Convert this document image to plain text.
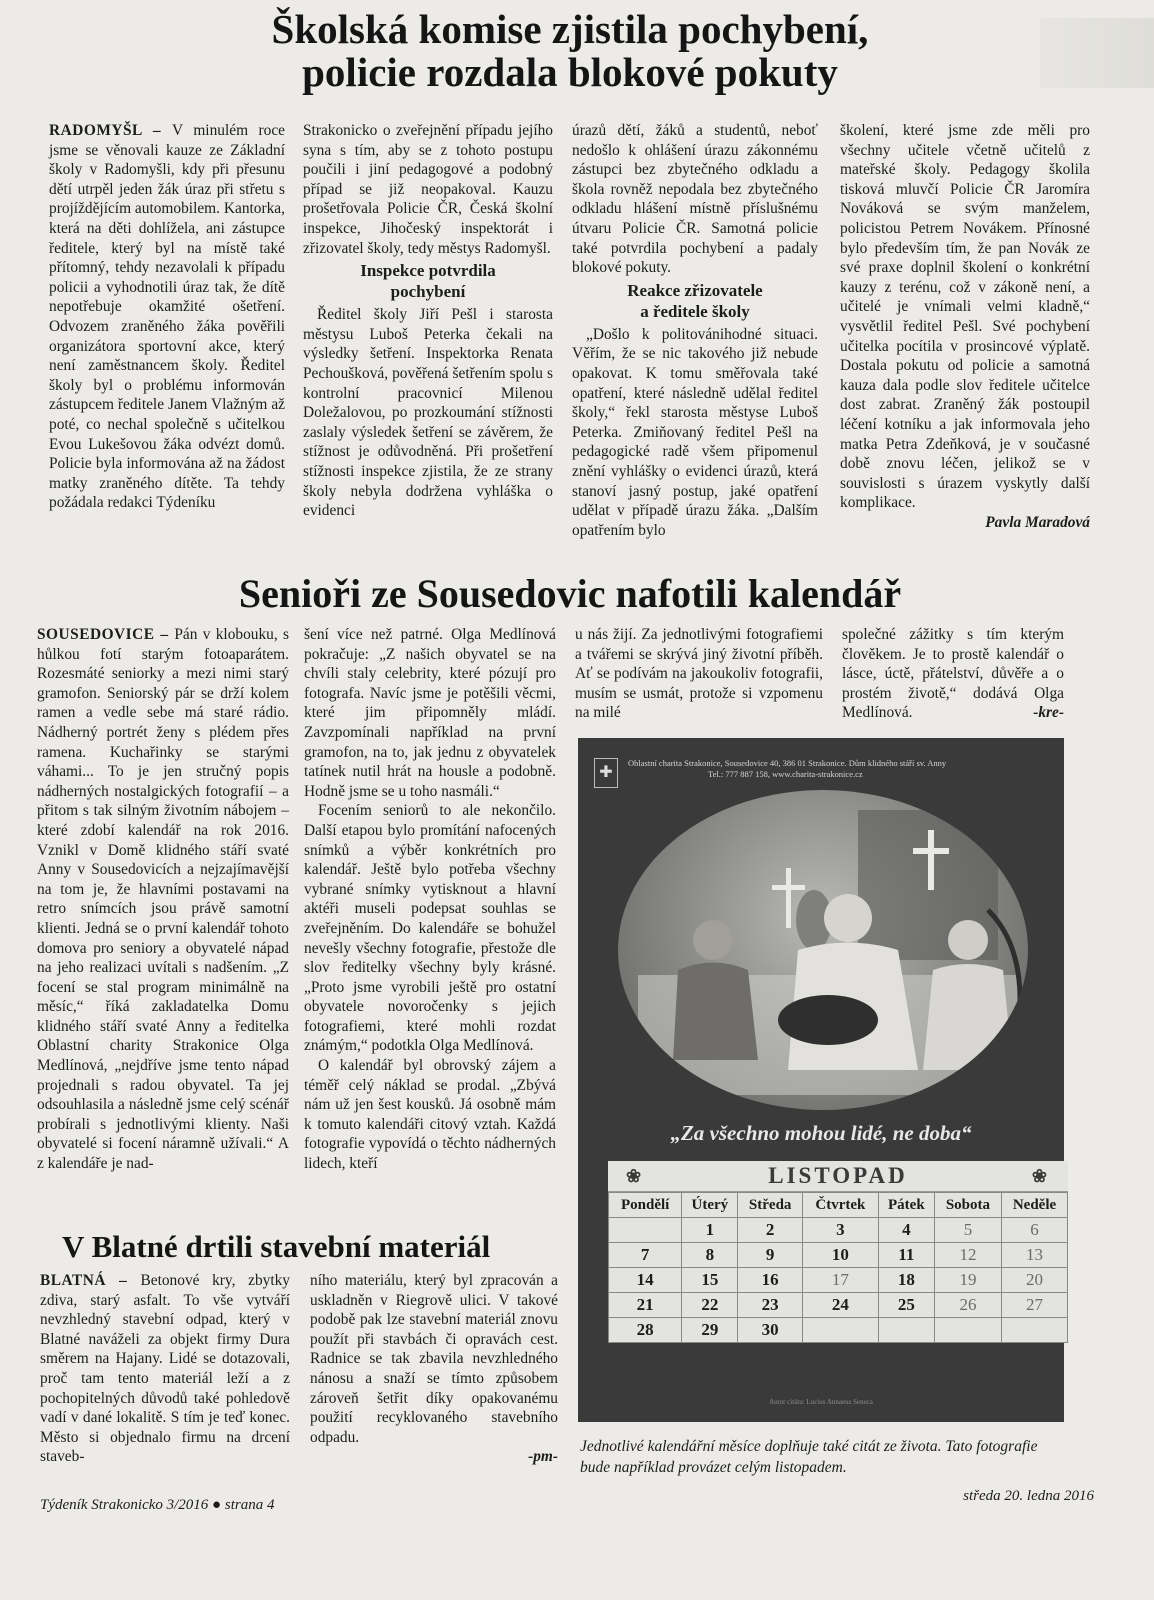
Školská komise zjistila pochybení,
policie rozdala blokové pokuty

RADOMYŠL – V minulém roce jsme se věnovali kauze ze Základní školy v Radomyšli, kdy při přesunu dětí utrpěl jeden žák úraz při střetu s projíždějícím automobilem. Kantorka, která na děti dohlížela, ani zástupce ředitele, který byl na místě také přítomný, tehdy nezavolali k případu policii a vyhodnotili úraz tak, že dítě nepotřebuje okamžité ošetření. Odvozem zraněného žáka pověřili organizátora sportovní akce, který není zaměstnancem školy. Ředitel školy byl o problému informován zástupcem ředitele Janem Vlažným až poté, co nechal společně s učitelkou Evou Lukešovou žáka odvézt domů. Policie byla informována až na žádost matky zraněného dítěte. Ta tehdy požádala redakci Týdeníku

Strakonicko o zveřejnění případu jejího syna s tím, aby se z tohoto postupu poučili i jiní pedagogové a podobný případ se již neopakoval. Kauzu prošetřovala Policie ČR, Česká školní inspekce, Jihočeský inspektorát i zřizovatel školy, tedy městys Radomyšl.

Inspekce potvrdila
pochybení

Ředitel školy Jiří Pešl i starosta městysu Luboš Peterka čekali na výsledky šetření. Inspektorka Renata Pechoušková, pověřená šetřením spolu s kontrolní pracovnicí Milenou Doležalovou, po prozkoumání stížnosti zaslaly výsledek šetření se závěrem, že stížnost je odůvodněná. Při prošetření stížnosti inspekce zjistila, že ze strany školy nebyla dodržena vyhláška o evidenci

úrazů dětí, žáků a studentů, neboť nedošlo k ohlášení úrazu zákonnému zástupci bez zbytečného odkladu a škola rovněž nepodala bez zbytečného odkladu hlášení místně příslušnému útvaru Policie ČR. Samotná policie také potvrdila pochybení a padaly blokové pokuty.

Reakce zřizovatele
a ředitele školy

„Došlo k politovánihodné situaci. Věřím, že se nic takového již nebude opakovat. K tomu směřovala také opatření, které následně udělal ředitel školy,“ řekl starosta městyse Luboš Peterka. Zmiňovaný ředitel Pešl na pedagogické radě všem připomenul znění vyhlášky o evidenci úrazů, která stanoví jasný postup, jaké opatření udělat v případě úrazu žáka. „Dalším opatřením bylo

školení, které jsme zde měli pro všechny učitele včetně učitelů z mateřské školy. Pedagogy školila tisková mluvčí Policie ČR Jaromíra Nováková se svým manželem, policistou Petrem Novákem. Přínosné bylo především tím, že pan Novák ze své praxe doplnil školení o konkrétní kauzy z terénu, což v zákoně není, a učitelé je vnímali velmi kladně,“ vysvětlil ředitel Pešl. Své pochybení učitelka pocítila v prosincové výplatě. Dostala pokutu od policie a samotná kauza dala podle slov ředitele učitelce dost zabrat. Zraněný žák postoupil léčení kotníku a jak informovala jeho matka Petra Zdeňková, je v současné době znovu léčen, jelikož se v souvislosti s úrazem vyskytly další komplikace.

Pavla Maradová

Senioři ze Sousedovic nafotili kalendář

SOUSEDOVICE – Pán v klobouku, s hůlkou fotí starým fotoaparátem. Rozesmáté seniorky a mezi nimi starý gramofon. Seniorský pár se drží kolem ramen a vedle sebe má staré rádio. Nádherný portrét ženy s plédem přes ramena. Kuchařinky se starými váhami... To je jen stručný popis nádherných nostalgických fotografií – a přitom s tak silným životním nábojem – které zdobí kalendář na rok 2016. Vznikl v Domě klidného stáří svaté Anny v Sousedovicích a nejzajímavější na tom je, že hlavními postavami na retro snímcích jsou právě samotní klienti. Jedná se o první kalendář tohoto domova pro seniory a obyvatelé nápad na jeho realizaci uvítali s nadšením. „Z focení se stal program minimálně na měsíc,“ říká zakladatelka Domu klidného stáří svaté Anny a ředitelka Oblastní charity Strakonice Olga Medlínová, „nejdříve jsme tento nápad projednali s radou obyvatel. Ta jej odsouhlasila a následně jsme celý scénář probírali s jednotlivými klienty. Naši obyvatelé si focení náramně užívali.“ A z kalendáře je nad-

šení více než patrné. Olga Medlínová pokračuje: „Z našich obyvatel se na chvíli staly celebrity, které pózují pro fotografa. Navíc jsme je potěšili věcmi, které jim připomněly mládí. Zavzpomínali například na první gramofon, na to, jak jednu z obyvatelek tatínek nutil hrát na housle a podobně. Hodně jsme se u toho nasmáli.“

Focením seniorů to ale nekončilo. Další etapou bylo promítání nafocených snímků a výběr konkrétních pro kalendář. Ještě bylo potřeba všechny vybrané snímky vytisknout a hlavní aktéři museli podepsat souhlas se zveřejněním. Do kalendáře se bohužel nevešly všechny fotografie, přestože dle slov ředitelky všechny byly krásné. „Proto jsme vyrobili ještě pro ostatní obyvatele novoročenky s jejich fotografiemi, které mohli rozdat známým,“ podotkla Olga Medlínová.

O kalendář byl obrovský zájem a téměř celý náklad se prodal. „Zbývá nám už jen šest kousků. Já osobně mám k tomuto kalendáři citový vztah. Každá fotografie vypovídá o těchto nádherných lidech, kteří

u nás žijí. Za jednotlivými fotografiemi a tvářemi se skrývá jiný životní příběh. Ať se podívám na jakoukoliv fotografii, musím se usmát, protože si vzpomenu na milé

společné zážitky s tím kterým člověkem. Je to prostě kalendář o lásce, úctě, přátelství, důvěře a o prostém životě,“ dodává Olga Medlínová.	-kre-

✚
Oblastní charita Strakonice, Sousedovice 40, 386 01 Strakonice. Dům klidného stáří sv. Anny
Tel.: 777 887 158, www.charita-strakonice.cz
„Za všechno mohou lidé, ne doba“
❀	LISTOPAD	❀
Pondělí	Úterý	Středa	Čtvrtek	Pátek	Sobota	Neděle
	1	2	3	4	5	6
7	8	9	10	11	12	13
14	15	16	17	18	19	20
21	22	23	24	25	26	27
28	29	30				
Autor citátu: Lucius Annaeus Seneca
Jednotlivé kalendářní měsíce doplňuje také citát ze života. Tato fotografie bude například provázet celým listopadem.
V Blatné drtili stavební materiál

BLATNÁ – Betonové kry, zbytky zdiva, starý asfalt. To vše vytváří nevzhledný stavební odpad, který v Blatné naváželi za objekt firmy Dura směrem na Hajany. Lidé se dotazovali, proč tam tento materiál leží a z pochopitelných důvodů také pohledově vadí v dané lokalitě. S tím je teď konec. Město si objednalo firmu na drcení staveb-

ního materiálu, který byl zpracován a uskladněn v Riegrově ulici. V takové podobě pak lze stavební materiál znovu použít při stavbách či opravách cest. Radnice se tak zbavila nevzhledného nánosu a snaží se tímto způsobem zároveň šetřit díky opakovanému použití recyklovaného stavebního odpadu.

-pm-

Týdeník Strakonicko 3/2016 ● strana 4
středa 20. ledna 2016
